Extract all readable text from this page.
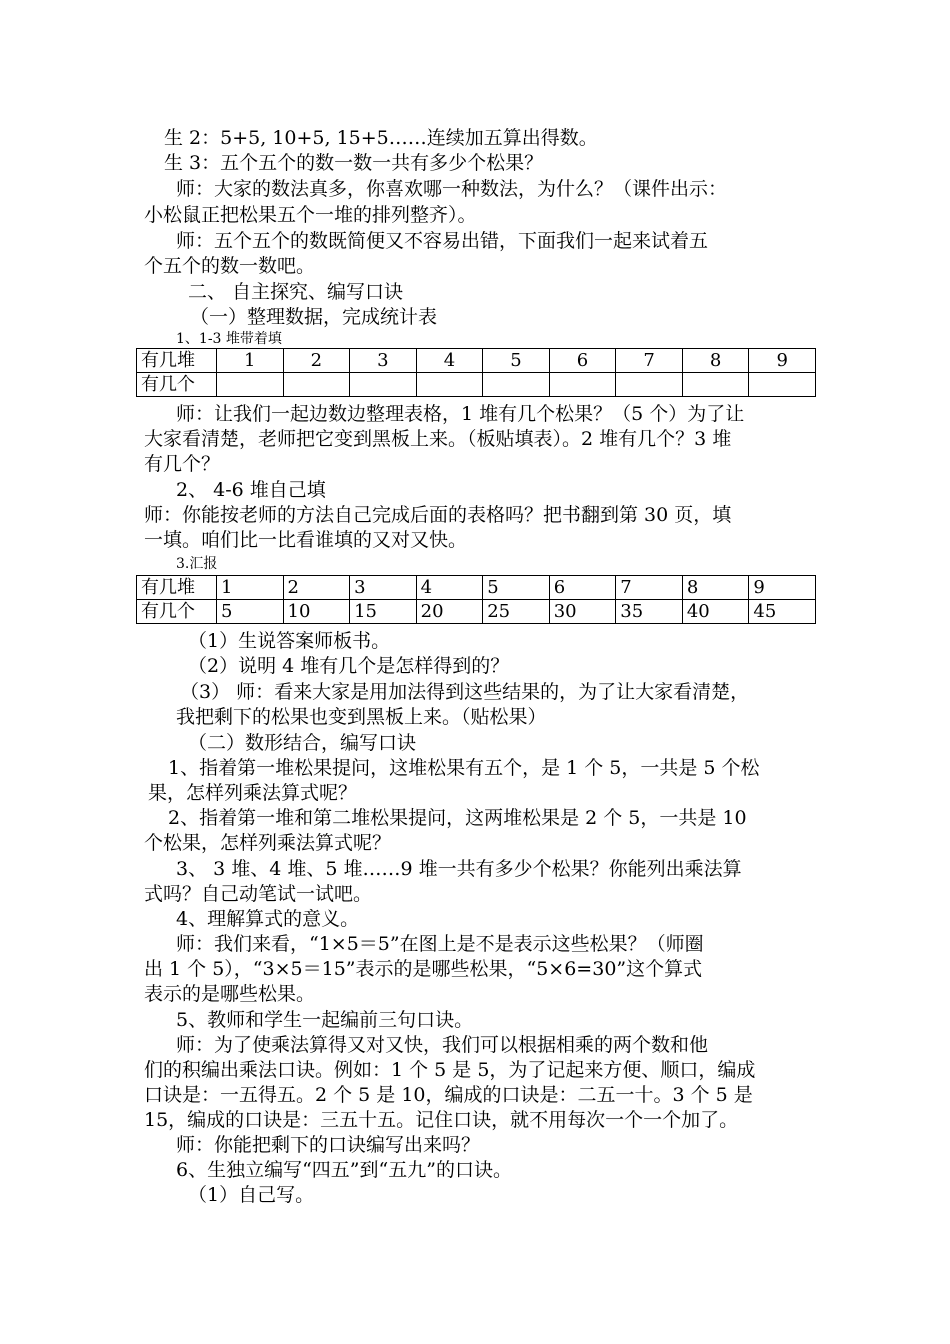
生 2：5+5, 10+5, 15+5……连续加五算出得数。
生 3：五个五个的数一数一共有多少个松果？
师：大家的数法真多，你喜欢哪一种数法，为什么？（课件出示：
小松鼠正把松果五个一堆的排列整齐）。
师：五个五个的数既简便又不容易出错，下面我们一起来试着五
个五个的数一数吧。
二、 自主探究、编写口诀
（一）整理数据，完成统计表
1、1-3 堆带着填
有几堆	1	2	3	4	5	6	7	8	9
有几个									
师：让我们一起边数边整理表格，1 堆有几个松果？（5 个）为了让
大家看清楚，老师把它变到黑板上来。（板贴填表）。2 堆有几个？3 堆
有几个？
2、 4-6 堆自己填
师：你能按老师的方法自己完成后面的表格吗？把书翻到第 30 页，填
一填。咱们比一比看谁填的又对又快。
3.汇报
有几堆	1	2	3	4	5	6	7	8	9
有几个	5	10	15	20	25	30	35	40	45
（1）生说答案师板书。
（2）说明 4 堆有几个是怎样得到的？
（3） 师：看来大家是用加法得到这些结果的，为了让大家看清楚，
我把剩下的松果也变到黑板上来。（贴松果）
（二）数形结合，编写口诀
1、指着第一堆松果提问，这堆松果有五个，是 1 个 5，一共是 5 个松
果，怎样列乘法算式呢？
2、指着第一堆和第二堆松果提问，这两堆松果是 2 个 5，一共是 10
个松果，怎样列乘法算式呢？
3、 3 堆、4 堆、5 堆……9 堆一共有多少个松果？你能列出乘法算
式吗？自己动笔试一试吧。
4、理解算式的意义。
师：我们来看，“1×5＝5”在图上是不是表示这些松果？（师圈
出 1 个 5），“3×5＝15”表示的是哪些松果，“5×6=30”这个算式
表示的是哪些松果。
5、教师和学生一起编前三句口诀。
师：为了使乘法算得又对又快，我们可以根据相乘的两个数和他
们的积编出乘法口诀。例如：1 个 5 是 5，为了记起来方便、顺口，编成
口诀是：一五得五。2 个 5 是 10，编成的口诀是：二五一十。3 个 5 是
15，编成的口诀是：三五十五。记住口诀，就不用每次一个一个加了。
师：你能把剩下的口诀编写出来吗？
6、生独立编写“四五”到“五九”的口诀。
（1）自己写。
